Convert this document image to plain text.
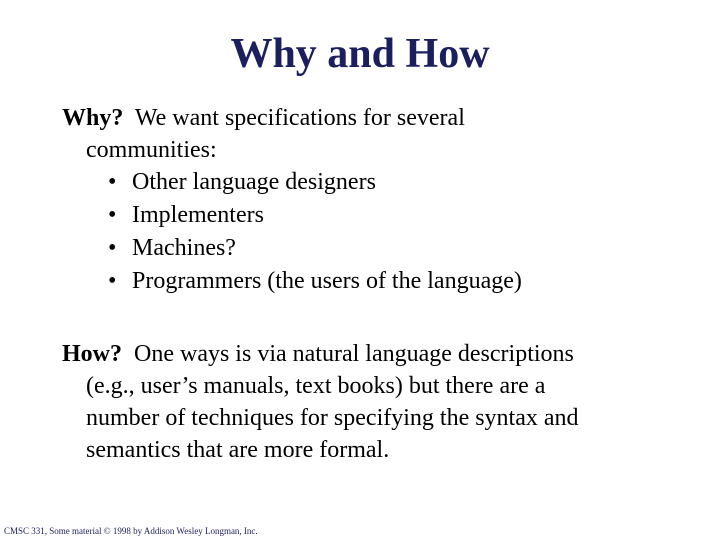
Why and How
Why?  We want specifications for several
communities:
• Other language designers
• Implementers
• Machines?
• Programmers (the users of the language)
How?  One ways is via natural language descriptions
(e.g., user’s manuals, text books) but there are a
number of techniques for specifying the syntax and
semantics that are more formal.
CMSC 331, Some material © 1998 by Addison Wesley Longman, Inc.
